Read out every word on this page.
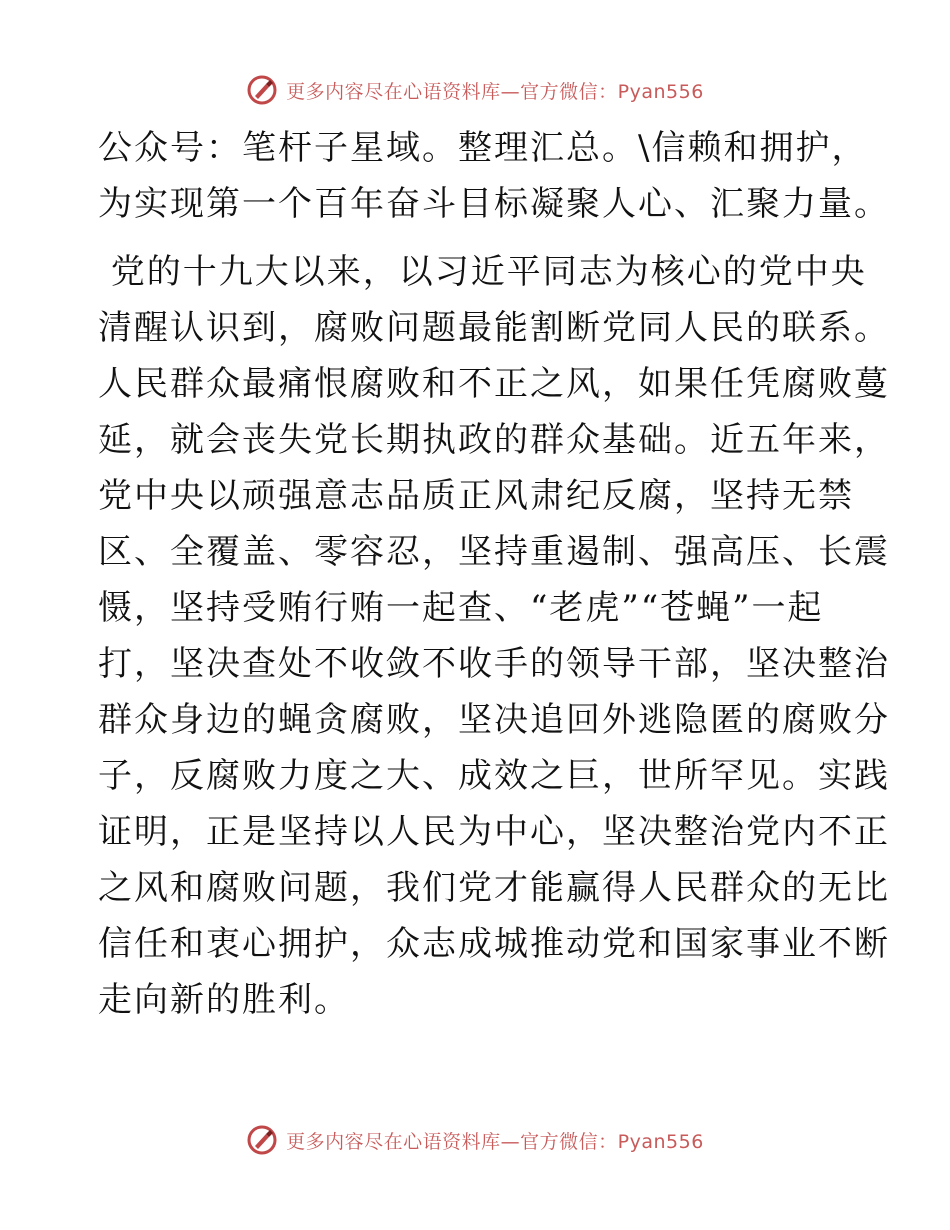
更多内容尽在心语资料库—官方微信：Pyan556
公众号：笔杆子星域。整理汇总。\信赖和拥护，
为实现第一个百年奋斗目标凝聚人心、汇聚力量。
党的十九大以来，以习近平同志为核心的党中央
清醒认识到，腐败问题最能割断党同人民的联系。
人民群众最痛恨腐败和不正之风，如果任凭腐败蔓
延，就会丧失党长期执政的群众基础。近五年来，
党中央以顽强意志品质正风肃纪反腐，坚持无禁
区、全覆盖、零容忍，坚持重遏制、强高压、长震
慑，坚持受贿行贿一起查、“老虎”“苍蝇”一起
打，坚决查处不收敛不收手的领导干部，坚决整治
群众身边的蝇贪腐败，坚决追回外逃隐匿的腐败分
子，反腐败力度之大、成效之巨，世所罕见。实践
证明，正是坚持以人民为中心，坚决整治党内不正
之风和腐败问题，我们党才能赢得人民群众的无比
信任和衷心拥护，众志成城推动党和国家事业不断
走向新的胜利。
更多内容尽在心语资料库—官方微信：Pyan556
